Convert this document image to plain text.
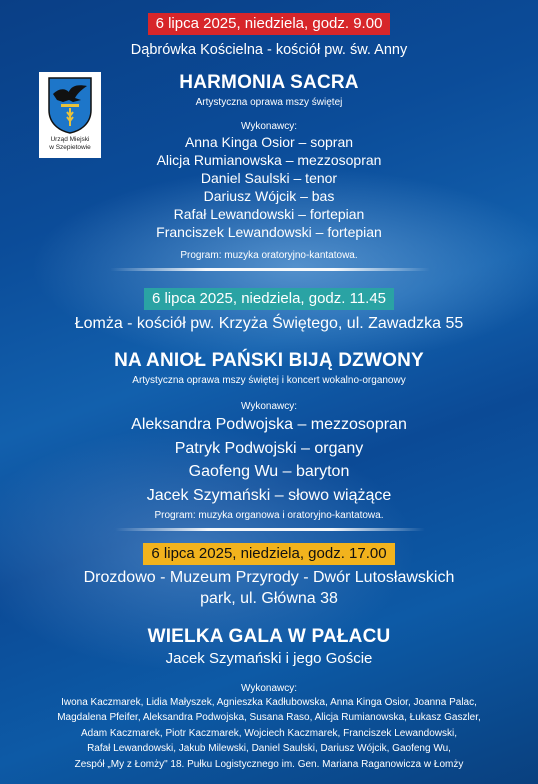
Urząd Miejski
w Szepietowie
6 lipca 2025, niedziela, godz. 9.00
Dąbrówka Kościelna - kościół pw. św. Anny
HARMONIA SACRA
Artystyczna oprawa mszy świętej
Wykonawcy:
Anna Kinga Osior – sopran
Alicja Rumianowska – mezzosopran
Daniel Saulski – tenor
Dariusz Wójcik – bas
Rafał Lewandowski – fortepian
Franciszek Lewandowski – fortepian
Program: muzyka oratoryjno-kantatowa.
6 lipca 2025, niedziela, godz. 11.45
Łomża - kościół pw. Krzyża Świętego, ul. Zawadzka 55
NA ANIOŁ PAŃSKI BIJĄ DZWONY
Artystyczna oprawa mszy świętej i koncert wokalno-organowy
Wykonawcy:
Aleksandra Podwojska – mezzosopran
Patryk Podwojski – organy
Gaofeng Wu – baryton
Jacek Szymański – słowo wiążące
Program: muzyka organowa i oratoryjno-kantatowa.
6 lipca 2025, niedziela, godz. 17.00
Drozdowo - Muzeum Przyrody - Dwór Lutosławskich
park, ul. Główna 38
WIELKA GALA W PAŁACU
Jacek Szymański i jego Goście
Wykonawcy:
Iwona Kaczmarek, Lidia Małyszek, Agnieszka Kadłubowska, Anna Kinga Osior, Joanna Palac,
Magdalena Pfeifer, Aleksandra Podwojska, Susana Raso, Alicja Rumianowska, Łukasz Gaszler,
Adam Kaczmarek, Piotr Kaczmarek, Wojciech Kaczmarek, Franciszek Lewandowski,
Rafał Lewandowski, Jakub Milewski, Daniel Saulski, Dariusz Wójcik, Gaofeng Wu,
Zespół „My z Łomży" 18. Pułku Logistycznego im. Gen. Mariana Raganowicza w Łomży
